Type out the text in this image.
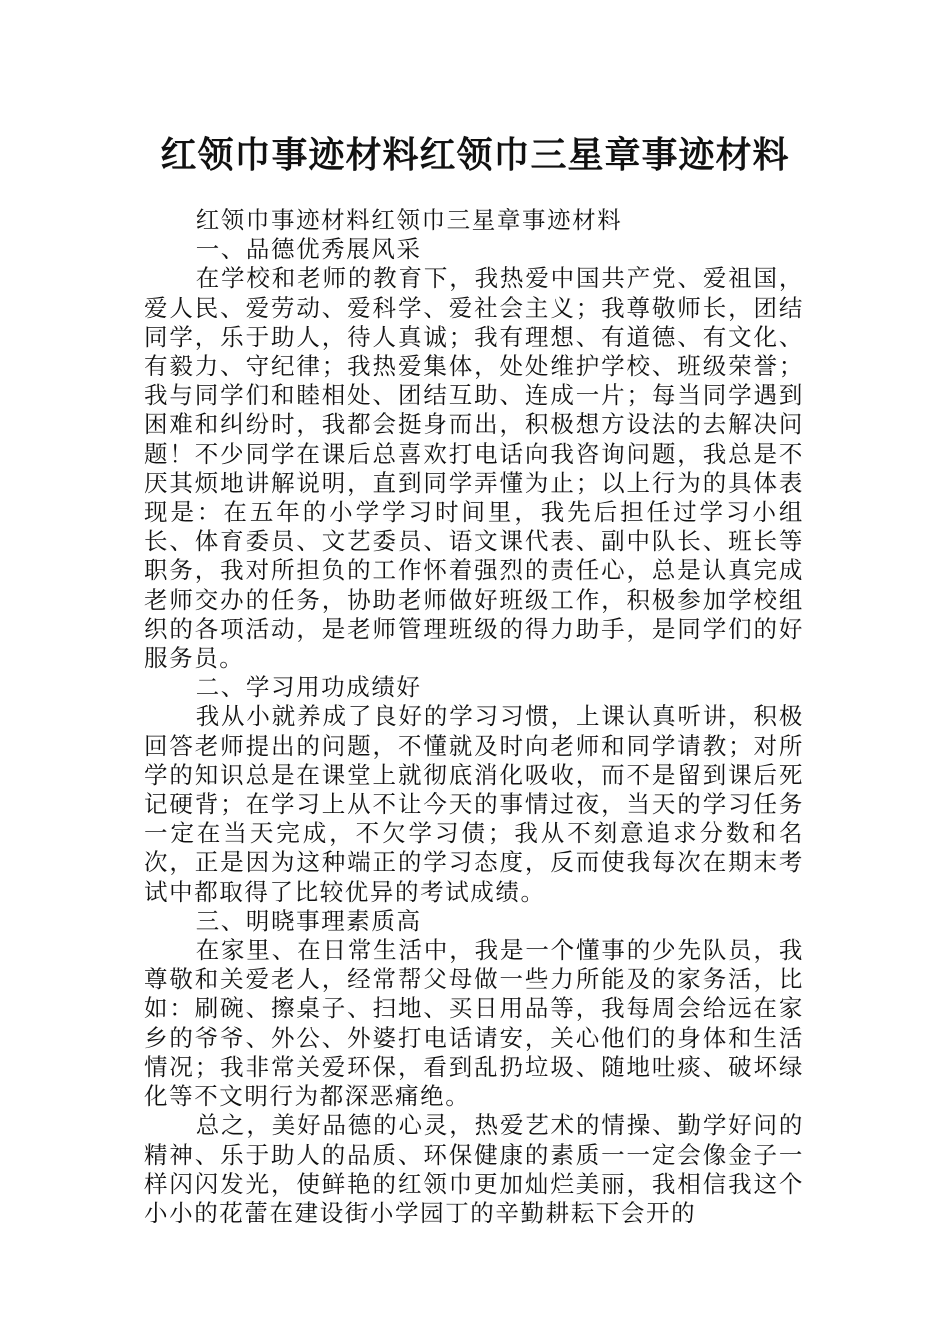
红领巾事迹材料红领巾三星章事迹材料

红领巾事迹材料红领巾三星章事迹材料

一、品德优秀展风采

在学校和老师的教育下，我热爱中国共产党、爱祖国，爱人民、爱劳动、爱科学、爱社会主义；我尊敬师长，团结同学，乐于助人，待人真诚；我有理想、有道德、有文化、有毅力、守纪律；我热爱集体，处处维护学校、班级荣誉；我与同学们和睦相处、团结互助、连成一片；每当同学遇到困难和纠纷时，我都会挺身而出，积极想方设法的去解决问题！不少同学在课后总喜欢打电话向我咨询问题，我总是不厌其烦地讲解说明，直到同学弄懂为止；以上行为的具体表现是：在五年的小学学习时间里，我先后担任过学习小组长、体育委员、文艺委员、语文课代表、副中队长、班长等职务，我对所担负的工作怀着强烈的责任心，总是认真完成老师交办的任务，协助老师做好班级工作，积极参加学校组织的各项活动，是老师管理班级的得力助手，是同学们的好服务员。

二、学习用功成绩好

我从小就养成了良好的学习习惯，上课认真听讲，积极回答老师提出的问题，不懂就及时向老师和同学请教；对所学的知识总是在课堂上就彻底消化吸收，而不是留到课后死记硬背；在学习上从不让今天的事情过夜，当天的学习任务一定在当天完成，不欠学习债；我从不刻意追求分数和名次，正是因为这种端正的学习态度，反而使我每次在期末考试中都取得了比较优异的考试成绩。

三、明晓事理素质高

在家里、在日常生活中，我是一个懂事的少先队员，我尊敬和关爱老人，经常帮父母做一些力所能及的家务活，比如：刷碗、擦桌子、扫地、买日用品等，我每周会给远在家乡的爷爷、外公、外婆打电话请安，关心他们的身体和生活情况；我非常关爱环保，看到乱扔垃圾、随地吐痰、破坏绿化等不文明行为都深恶痛绝。

总之，美好品德的心灵，热爱艺术的情操、勤学好问的精神、乐于助人的品质、环保健康的素质一一定会像金子一样闪闪发光，使鲜艳的红领巾更加灿烂美丽，我相信我这个小小的花蕾在建设街小学园丁的辛勤耕耘下会开的
